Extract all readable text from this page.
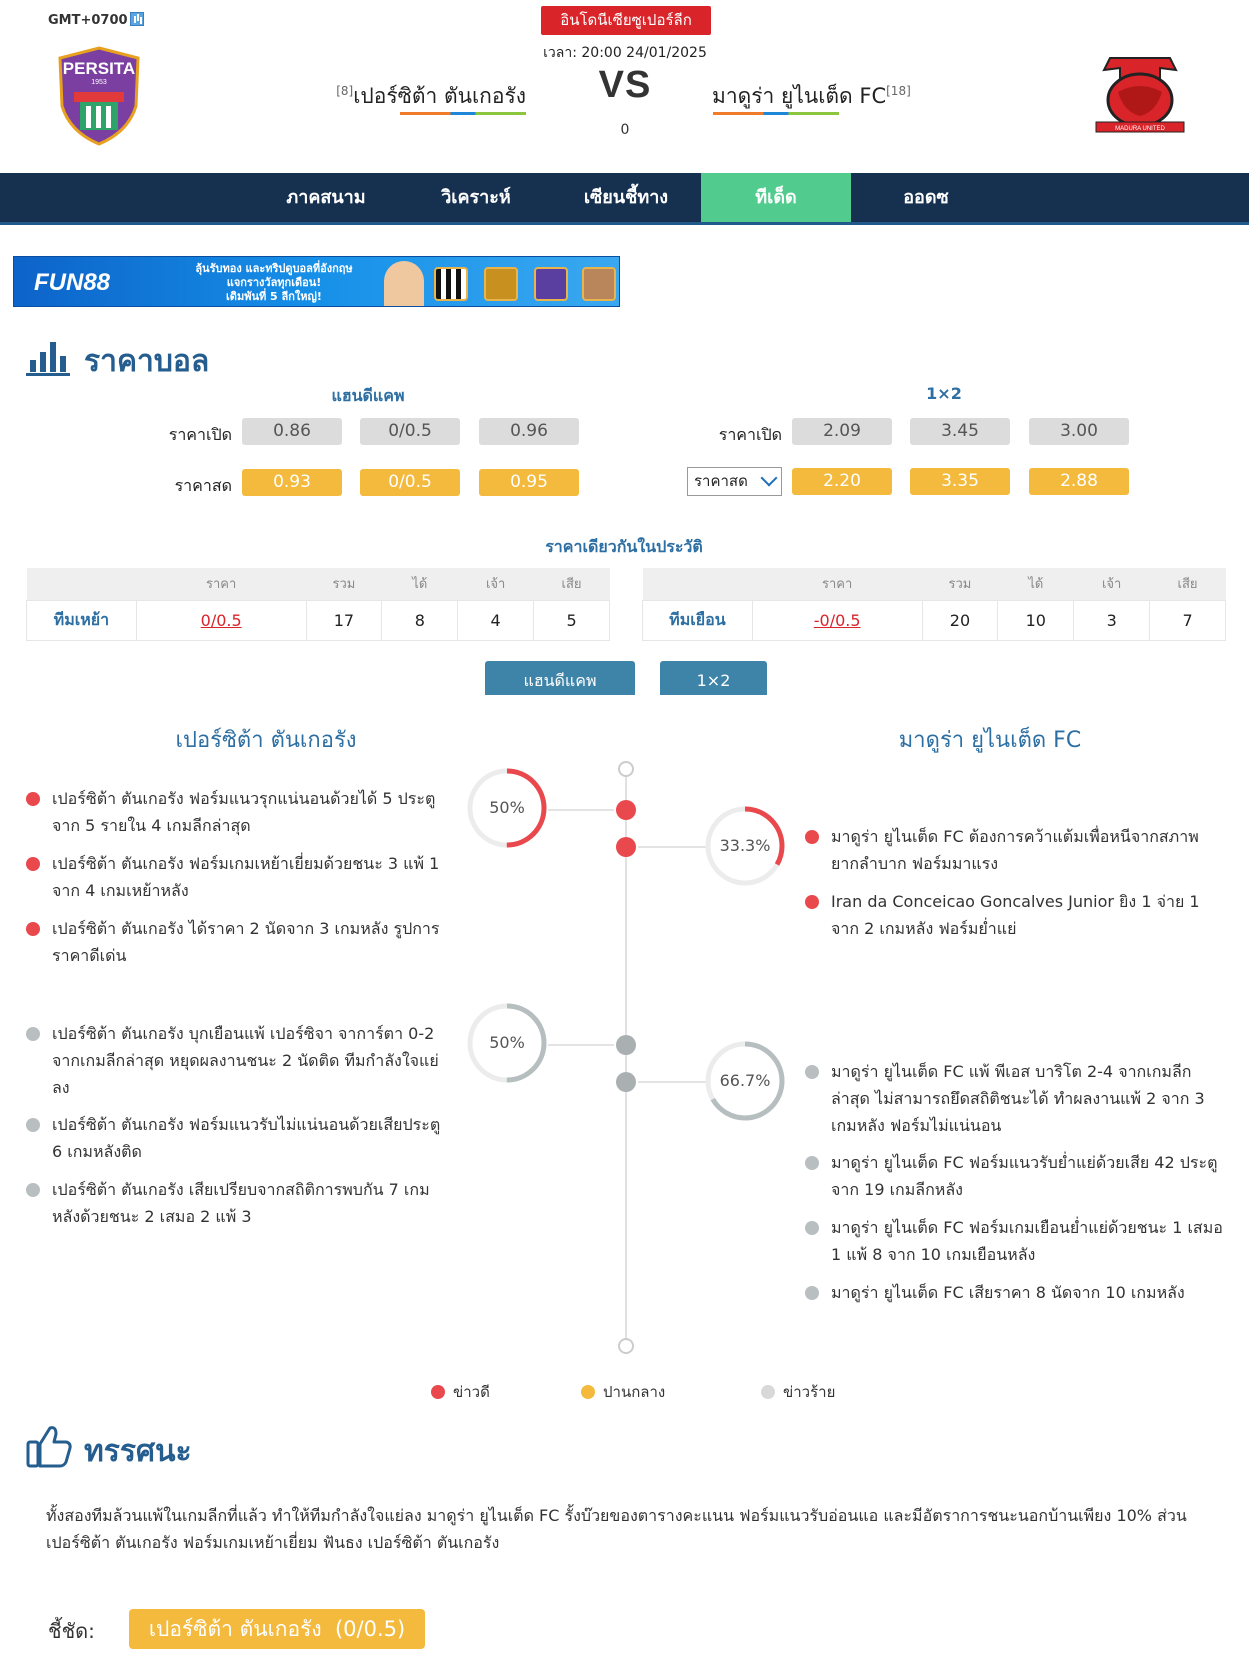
GMT+0700
PERSITA
1953
อินโดนีเซียซูเปอร์ลีก
เวลา: 20:00 24/01/2025
[8]เปอร์ซิต้า ตันเกอรัง	VS
0
มาดูร่า ยูไนเต็ด FC[18]
MADURA UNITED
ภาคสนาม	วิเคราะห์	เซียนชี้ทาง	ทีเด็ด	ออดซ
FUN88
ลุ้นรับทอง และทริปดูบอลที่อังกฤษ
แจกรางวัลทุกเดือน!
เดิมพันที่ 5 ลีกใหญ่!
ราคาบอล
แฮนดีแคพ	1×2
ราคาเปิด	0.86	0/0.5	0.96
ราคาสด	0.93	0/0.5	0.95
ราคาเปิด	2.09	3.45	3.00
ราคาสด	2.20	3.35	2.88
ราคาเดียวกันในประวัติ
	ราคา	รวม	ได้	เจ้า	เสีย
ทีมเหย้า	0/0.5	17	8	4	5
	ราคา	รวม	ได้	เจ้า	เสีย
ทีมเยือน	-0/0.5	20	10	3	7
แฮนดีแคพ	1×2
เปอร์ซิต้า ตันเกอรัง	มาดูร่า ยูไนเต็ด FC
50%
33.3%
50%
66.7%
เปอร์ซิต้า ตันเกอรัง ฟอร์มแนวรุกแน่นอนด้วยได้ 5 ประตู จาก 5 รายใน 4 เกมลีกล่าสุด
เปอร์ซิต้า ตันเกอรัง ฟอร์มเกมเหย้าเยี่ยมด้วยชนะ 3 แพ้ 1 จาก 4 เกมเหย้าหลัง
เปอร์ซิต้า ตันเกอรัง ได้ราคา 2 นัดจาก 3 เกมหลัง รูปการราคาดีเด่น
มาดูร่า ยูไนเต็ด FC ต้องการคว้าแต้มเพื่อหนีจากสภาพยากลำบาก ฟอร์มมาแรง
Iran da Conceicao Goncalves Junior ยิง 1 จ่าย 1 จาก 2 เกมหลัง ฟอร์มย่ำแย่
เปอร์ซิต้า ตันเกอรัง บุกเยือนแพ้ เปอร์ซิจา จาการ์ตา 0-2 จากเกมลีกล่าสุด หยุดผลงานชนะ 2 นัดติด ทีมกำลังใจแย่ลง
เปอร์ซิต้า ตันเกอรัง ฟอร์มแนวรับไม่แน่นอนด้วยเสียประตู 6 เกมหลังติด
เปอร์ซิต้า ตันเกอรัง เสียเปรียบจากสถิติการพบกัน 7 เกมหลังด้วยชนะ 2 เสมอ 2 แพ้ 3
มาดูร่า ยูไนเต็ด FC แพ้ พีเอส บาริโต 2-4 จากเกมลีกล่าสุด ไม่สามารถยึดสถิติชนะได้ ทำผลงานแพ้ 2 จาก 3 เกมหลัง ฟอร์มไม่แน่นอน
มาดูร่า ยูไนเต็ด FC ฟอร์มแนวรับย่ำแย่ด้วยเสีย 42 ประตู จาก 19 เกมลีกหลัง
มาดูร่า ยูไนเต็ด FC ฟอร์มเกมเยือนย่ำแย่ด้วยชนะ 1 เสมอ 1 แพ้ 8 จาก 10 เกมเยือนหลัง
มาดูร่า ยูไนเต็ด FC เสียราคา 8 นัดจาก 10 เกมหลัง
ข่าวดี	ปานกลาง	ข่าวร้าย
ทรรศนะ
ทั้งสองทีมล้วนแพ้ในเกมลีกที่แล้ว ทำให้ทีมกำลังใจแย่ลง มาดูร่า ยูไนเต็ด FC รั้งบ๊วยของตารางคะแนน ฟอร์มแนวรับอ่อนแอ และมีอัตราการชนะนอกบ้านเพียง 10% ส่วน เปอร์ซิต้า ตันเกอรัง ฟอร์มเกมเหย้าเยี่ยม ฟันธง เปอร์ซิต้า ตันเกอรัง
ชี้ชัด:	เปอร์ซิต้า ตันเกอรัง  (0/0.5)
